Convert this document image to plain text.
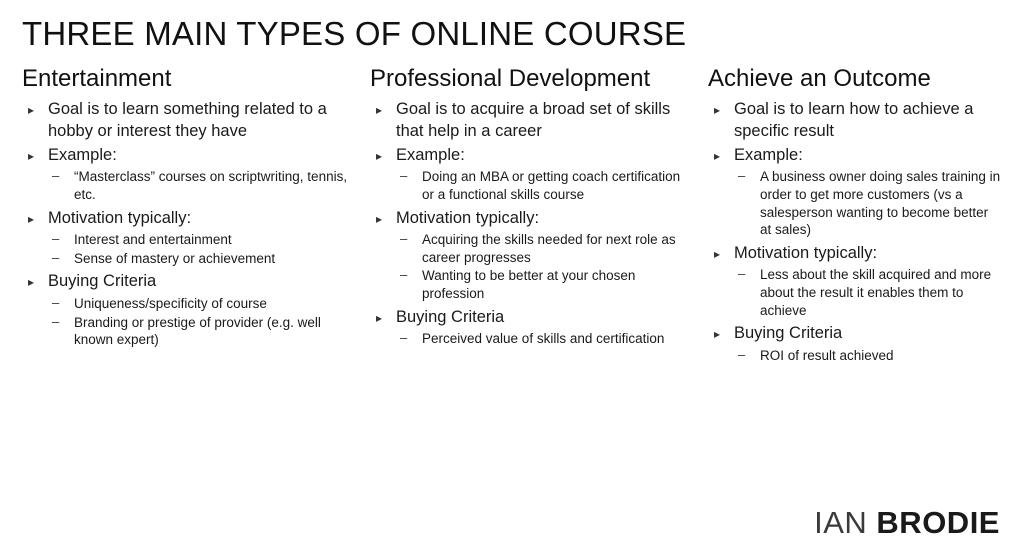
THREE MAIN TYPES OF ONLINE COURSE
Entertainment
▸ Goal is to learn something related to a hobby or interest they have
▸ Example:
– “Masterclass” courses on scriptwriting, tennis, etc.
▸ Motivation typically:
– Interest and entertainment
– Sense of mastery or achievement
▸ Buying Criteria
– Uniqueness/specificity of course
– Branding or prestige of provider (e.g. well known expert)
Professional Development
▸ Goal is to acquire a broad set of skills that help in a career
▸ Example:
– Doing an MBA or getting coach certification or a functional skills course
▸ Motivation typically:
– Acquiring the skills needed for next role as career progresses
– Wanting to be better at your chosen profession
▸ Buying Criteria
– Perceived value of skills and certification
Achieve an Outcome
▸ Goal is to learn how to achieve a specific result
▸ Example:
– A business owner doing sales training in order to get more customers (vs a salesperson wanting to become better at sales)
▸ Motivation typically:
– Less about the skill acquired and more about the result it enables them to achieve
▸ Buying Criteria
– ROI of result achieved
IAN BRODIE
